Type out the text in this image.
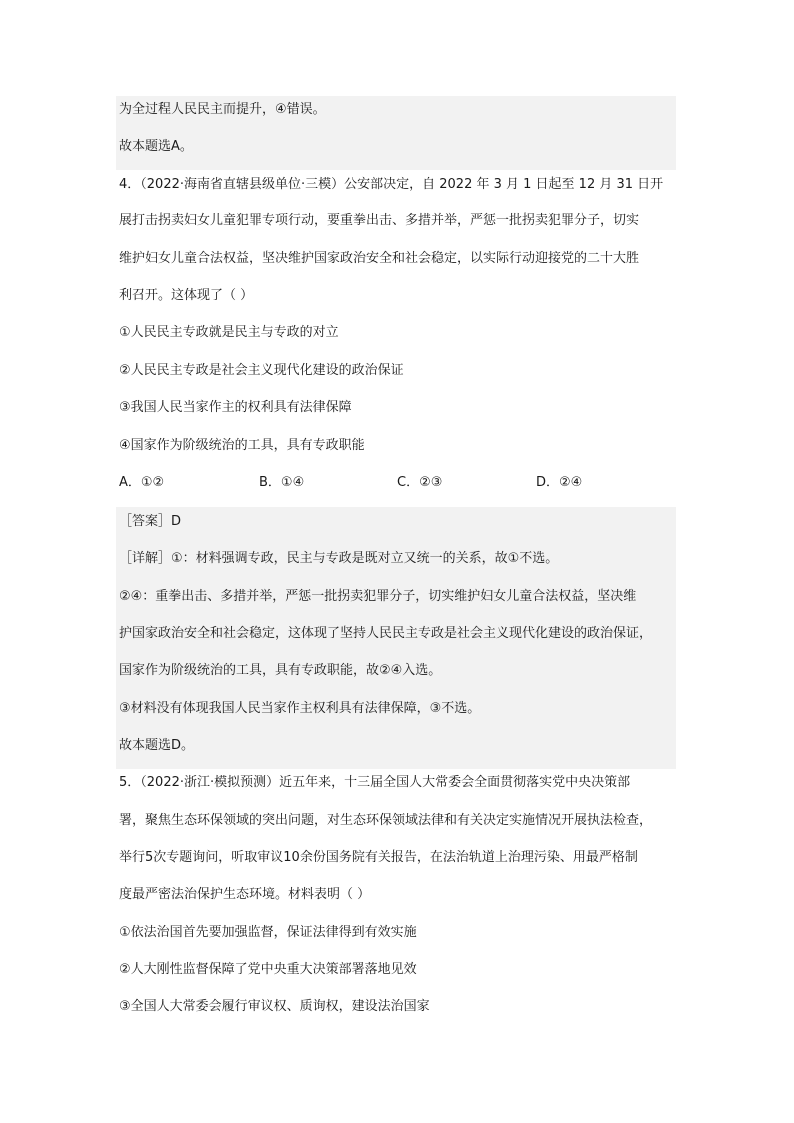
为全过程人民民主而提升，④错误。
故本题选A。
4．（2022·海南省直辖县级单位·三模）公安部决定，自 2022 年 3 月 1 日起至 12 月 31 日开
展打击拐卖妇女儿童犯罪专项行动，要重拳出击、多措并举，严惩一批拐卖犯罪分子，切实
维护妇女儿童合法权益，坚决维护国家政治安全和社会稳定，以实际行动迎接党的二十大胜
利召开。这体现了（ ）
①人民民主专政就是民主与专政的对立
②人民民主专政是社会主义现代化建设的政治保证
③我国人民当家作主的权利具有法律保障
④国家作为阶级统治的工具，具有专政职能
A．①②	B．①④	C．②③	D．②④
［答案］D
［详解］①：材料强调专政，民主与专政是既对立又统一的关系，故①不选。
②④：重拳出击、多措并举，严惩一批拐卖犯罪分子，切实维护妇女儿童合法权益，坚决维
护国家政治安全和社会稳定，这体现了坚持人民民主专政是社会主义现代化建设的政治保证，
国家作为阶级统治的工具，具有专政职能，故②④入选。
③材料没有体现我国人民当家作主权利具有法律保障，③不选。
故本题选D。
5．（2022·浙江·模拟预测）近五年来，十三届全国人大常委会全面贯彻落实党中央决策部
署，聚焦生态环保领域的突出问题，对生态环保领域法律和有关决定实施情况开展执法检查，
举行5次专题询问，听取审议10余份国务院有关报告，在法治轨道上治理污染、用最严格制
度最严密法治保护生态环境。材料表明（ ）
①依法治国首先要加强监督，保证法律得到有效实施
②人大刚性监督保障了党中央重大决策部署落地见效
③全国人大常委会履行审议权、质询权，建设法治国家
